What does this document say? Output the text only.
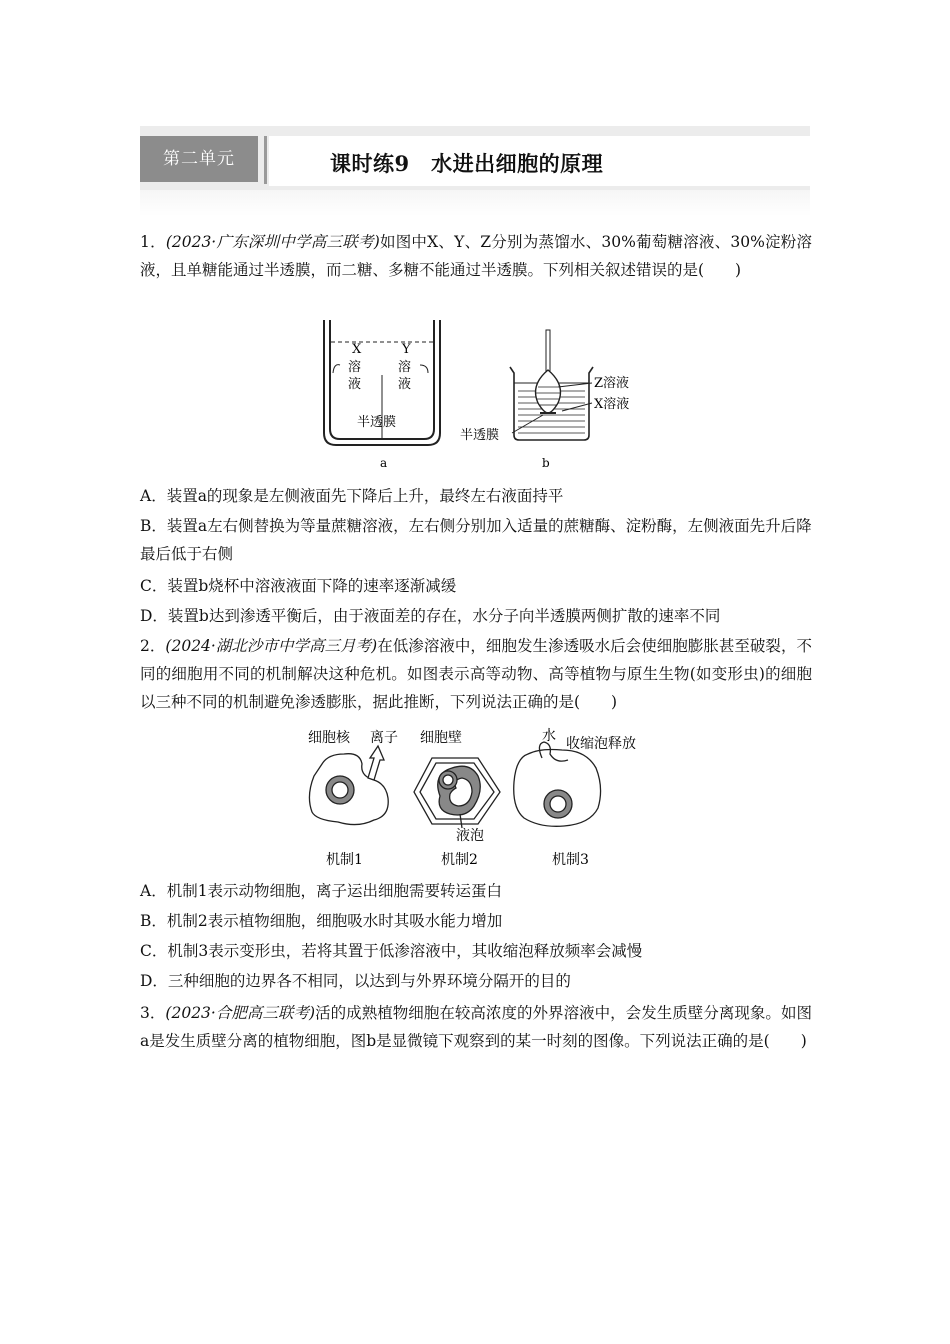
第二单元	课时练9　水进出细胞的原理
1．(2023·广东深圳中学高三联考)如图中X、Y、Z分别为蒸馏水、30%葡萄糖溶液、30%淀粉溶液，且单糖能通过半透膜，而二糖、多糖不能通过半透膜。下列相关叙述错误的是(　　)
X
溶
液
Y
溶
液
半透膜
a
Z溶液
X溶液
半透膜
b
A．装置a的现象是左侧液面先下降后上升，最终左右液面持平
B．装置a左右侧替换为等量蔗糖溶液，左右侧分别加入适量的蔗糖酶、淀粉酶，左侧液面先升后降最后低于右侧
C．装置b烧杯中溶液液面下降的速率逐渐减缓
D．装置b达到渗透平衡后，由于液面差的存在，水分子向半透膜两侧扩散的速率不同
2．(2024·湖北沙市中学高三月考)在低渗溶液中，细胞发生渗透吸水后会使细胞膨胀甚至破裂，不同的细胞用不同的机制解决这种危机。如图表示高等动物、高等植物与原生生物(如变形虫)的细胞以三种不同的机制避免渗透膨胀，据此推断，下列说法正确的是(　　)
细胞核 离子
机制1
细胞壁
液泡
机制2
水 收缩泡释放
机制3
A．机制1表示动物细胞，离子运出细胞需要转运蛋白
B．机制2表示植物细胞，细胞吸水时其吸水能力增加
C．机制3表示变形虫，若将其置于低渗溶液中，其收缩泡释放频率会减慢
D．三种细胞的边界各不相同，以达到与外界环境分隔开的目的
3．(2023·合肥高三联考)活的成熟植物细胞在较高浓度的外界溶液中，会发生质壁分离现象。如图a是发生质壁分离的植物细胞，图b是显微镜下观察到的某一时刻的图像。下列说法正确的是(　　)
